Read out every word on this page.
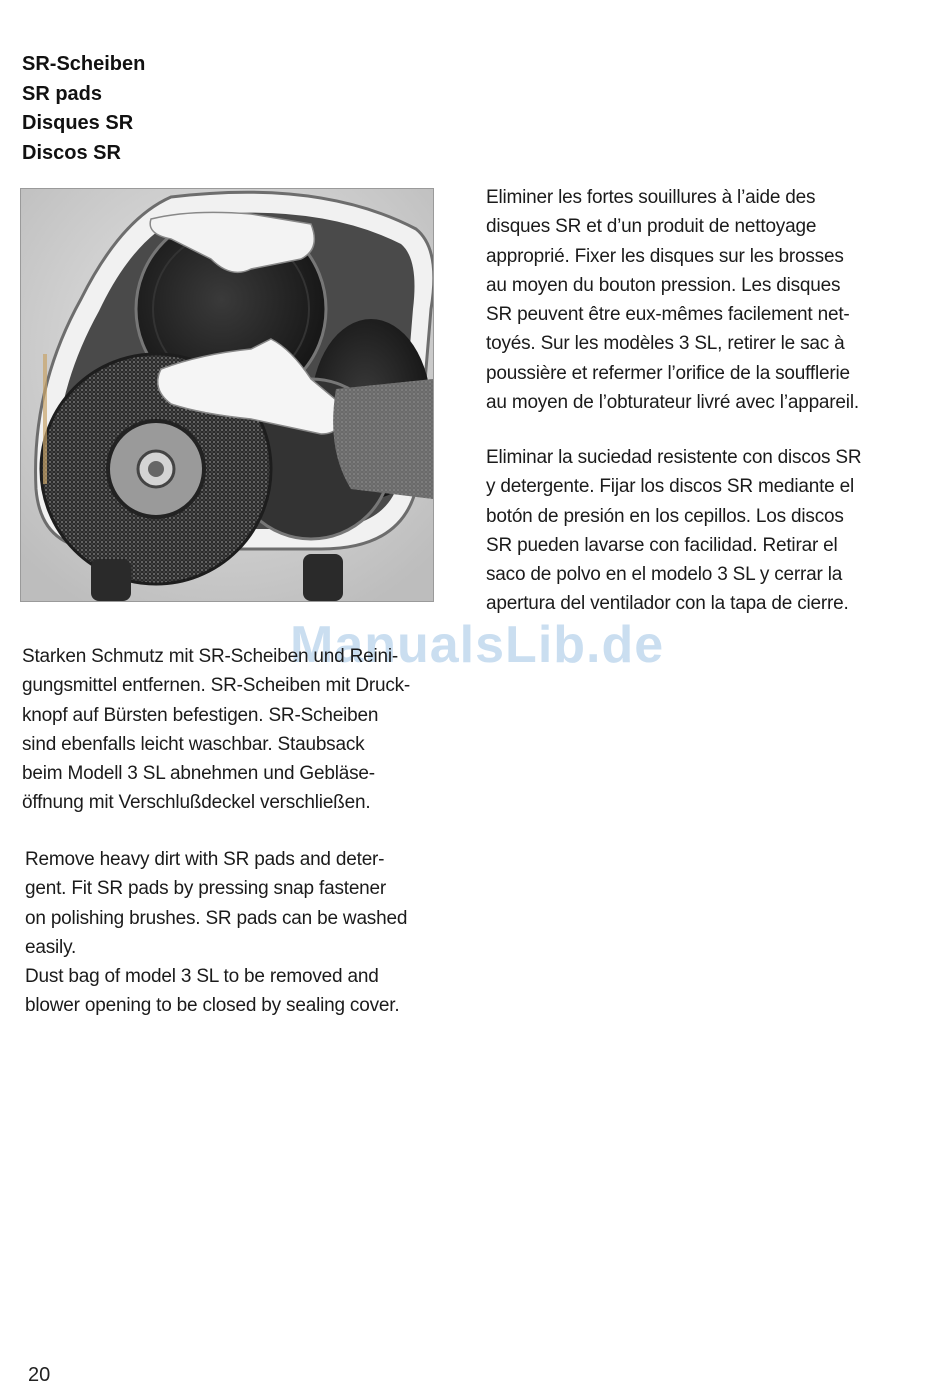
SR-Scheiben
SR pads
Disques SR
Discos SR
Eliminer les fortes souillures à l’aide des
disques SR et d’un produit de nettoyage
approprié. Fixer les disques sur les brosses
au moyen du bouton pression. Les disques
SR peuvent être eux-mêmes facilement net-
toyés. Sur les modèles 3 SL, retirer le sac à
poussière et refermer l’orifice de la soufflerie
au moyen de l’obturateur livré avec l’appareil.
Eliminar la suciedad resistente con discos SR
y detergente. Fijar los discos SR mediante el
botón de presión en los cepillos. Los discos
SR pueden lavarse con facilidad. Retirar el
saco de polvo en el modelo 3 SL y cerrar la
apertura del ventilador con la tapa de cierre.
ManualsLib.de
Starken Schmutz mit SR-Scheiben und Reini-
gungsmittel entfernen. SR-Scheiben mit Druck-
knopf auf Bürsten befestigen. SR-Scheiben
sind ebenfalls leicht waschbar. Staubsack
beim Modell 3 SL abnehmen und Gebläse-
öffnung mit Verschlußdeckel verschließen.
Remove heavy dirt with SR pads and deter-
gent. Fit SR pads by pressing snap fastener
on polishing brushes. SR pads can be washed
easily.
Dust bag of model 3 SL to be removed and
blower opening to be closed by sealing cover.
20
